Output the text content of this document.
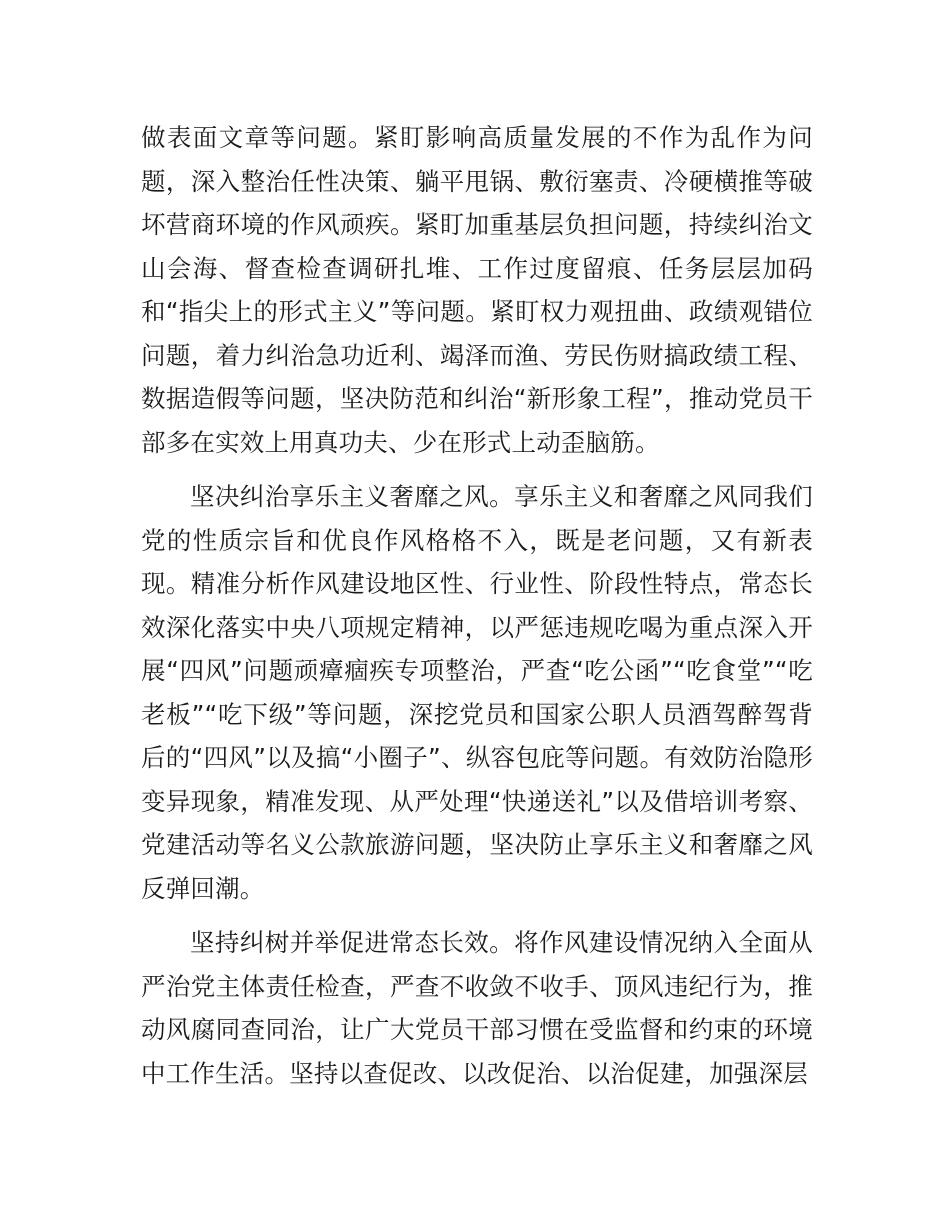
做表面文章等问题。紧盯影响高质量发展的不作为乱作为问题，深入整治任性决策、躺平甩锅、敷衍塞责、冷硬横推等破坏营商环境的作风顽疾。紧盯加重基层负担问题，持续纠治文山会海、督查检查调研扎堆、工作过度留痕、任务层层加码和“指尖上的形式主义”等问题。紧盯权力观扭曲、政绩观错位问题，着力纠治急功近利、竭泽而渔、劳民伤财搞政绩工程、数据造假等问题，坚决防范和纠治“新形象工程”，推动党员干部多在实效上用真功夫、少在形式上动歪脑筋。

坚决纠治享乐主义奢靡之风。享乐主义和奢靡之风同我们党的性质宗旨和优良作风格格不入，既是老问题，又有新表现。精准分析作风建设地区性、行业性、阶段性特点，常态长效深化落实中央八项规定精神，以严惩违规吃喝为重点深入开展“四风”问题顽瘴痼疾专项整治，严查“吃公函”“吃食堂”“吃老板”“吃下级”等问题，深挖党员和国家公职人员酒驾醉驾背后的“四风”以及搞“小圈子”、纵容包庇等问题。有效防治隐形变异现象，精准发现、从严处理“快递送礼”以及借培训考察、党建活动等名义公款旅游问题，坚决防止享乐主义和奢靡之风反弹回潮。

坚持纠树并举促进常态长效。将作风建设情况纳入全面从严治党主体责任检查，严查不收敛不收手、顶风违纪行为，推动风腐同查同治，让广大党员干部习惯在受监督和约束的环境中工作生活。坚持以查促改、以改促治、以治促建，加强深层
